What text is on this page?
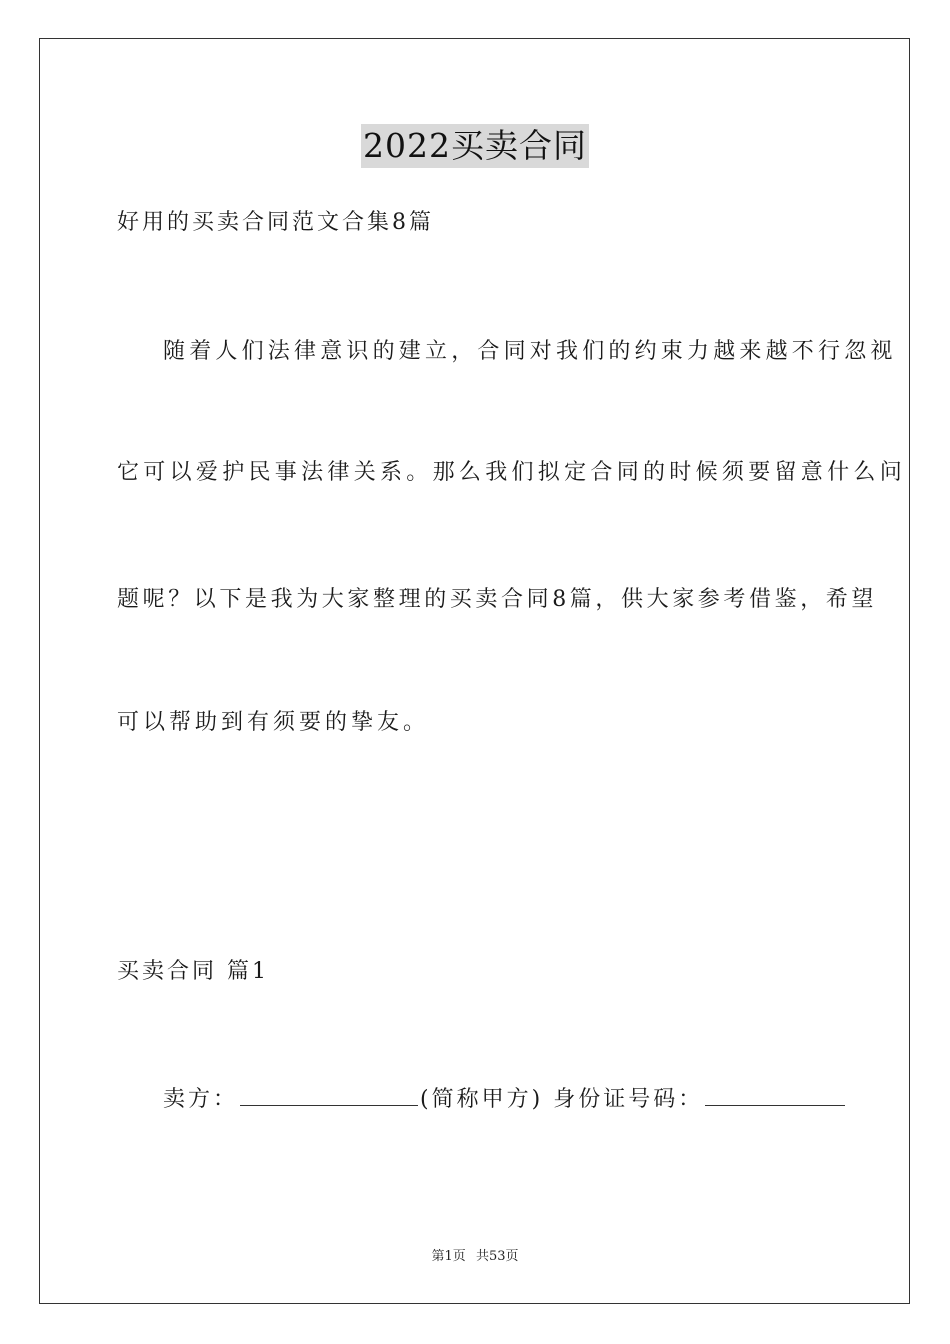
2022买卖合同
好用的买卖合同范文合集8篇
随着人们法律意识的建立，合同对我们的约束力越来越不行忽视
它可以爱护民事法律关系。那么我们拟定合同的时候须要留意什么问
题呢？以下是我为大家整理的买卖合同8篇，供大家参考借鉴，希望
可以帮助到有须要的挚友。
买卖合同 篇1
卖方：	(简称甲方) 身份证号码：
第1页 共53页
